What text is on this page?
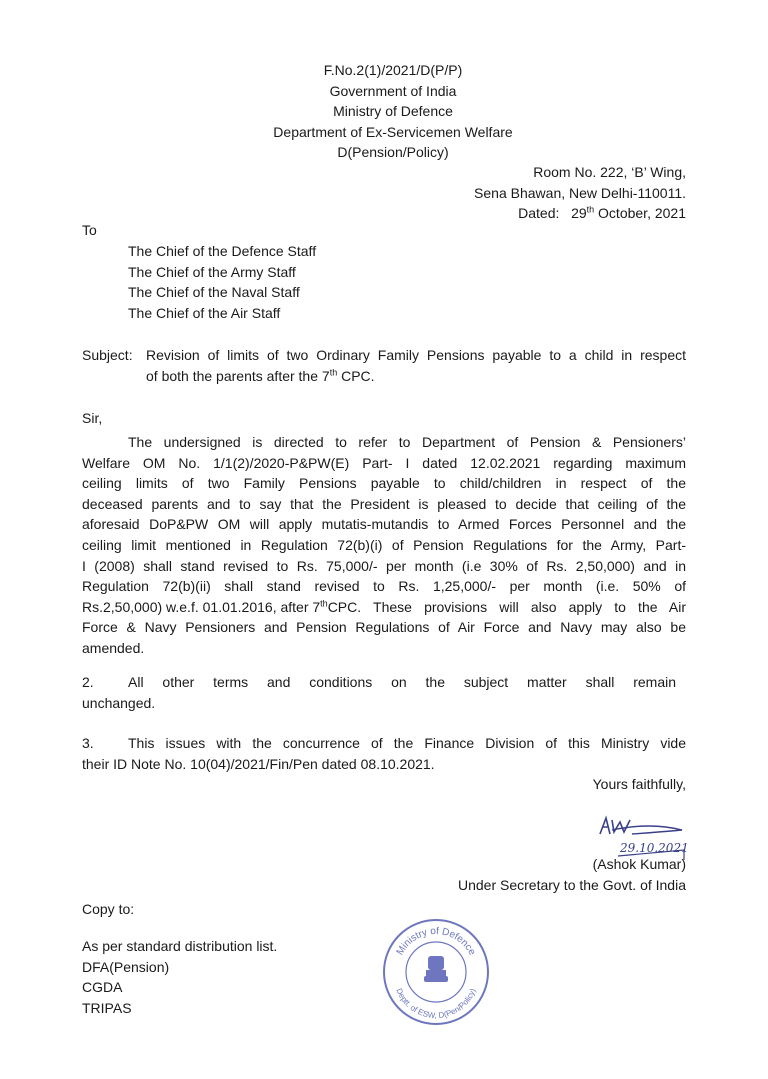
F.No.2(1)/2021/D(P/P)
Government of India
Ministry of Defence
Department of Ex-Servicemen Welfare
D(Pension/Policy)
Room No. 222, ‘B’ Wing,
Sena Bhawan, New Delhi-110011.
Dated: 29th October, 2021
To
The Chief of the Defence Staff
The Chief of the Army Staff
The Chief of the Naval Staff
The Chief of the Air Staff
Subject: Revision of limits of two Ordinary Family Pensions payable to a child in respect
of both the parents after the 7th CPC.
Sir,
The undersigned is directed to refer to Department of Pension & Pensioners’
Welfare OM No. 1/1(2)/2020-P&PW(E) Part- I dated 12.02.2021 regarding maximum
ceiling limits of two Family Pensions payable to child/children in respect of the
deceased parents and to say that the President is pleased to decide that ceiling of the
aforesaid DoP&PW OM will apply mutatis-mutandis to Armed Forces Personnel and the
ceiling limit mentioned in Regulation 72(b)(i) of Pension Regulations for the Army, Part-
I (2008) shall stand revised to Rs. 75,000/- per month (i.e 30% of Rs. 2,50,000) and in
Regulation 72(b)(ii) shall stand revised to Rs. 1,25,000/- per month (i.e. 50% of
Rs.2,50,000) w.e.f. 01.01.2016, after 7th CPC. These provisions will also apply to the Air
Force & Navy Pensioners and Pension Regulations of Air Force and Navy may also be
amended.
2.	All other terms and conditions on the subject matter shall remain
unchanged.
3.	This issues with the concurrence of the Finance Division of this Ministry vide
their ID Note No. 10(04)/2021/Fin/Pen dated 08.10.2021.
Yours faithfully,
29.10.2021
(Ashok Kumar)
Under Secretary to the Govt. of India
Copy to:
As per standard distribution list.
DFA(Pension)
CGDA
TRIPAS
Ministry of Defence
Deptt. of ESW, D(Pen/Policy)
